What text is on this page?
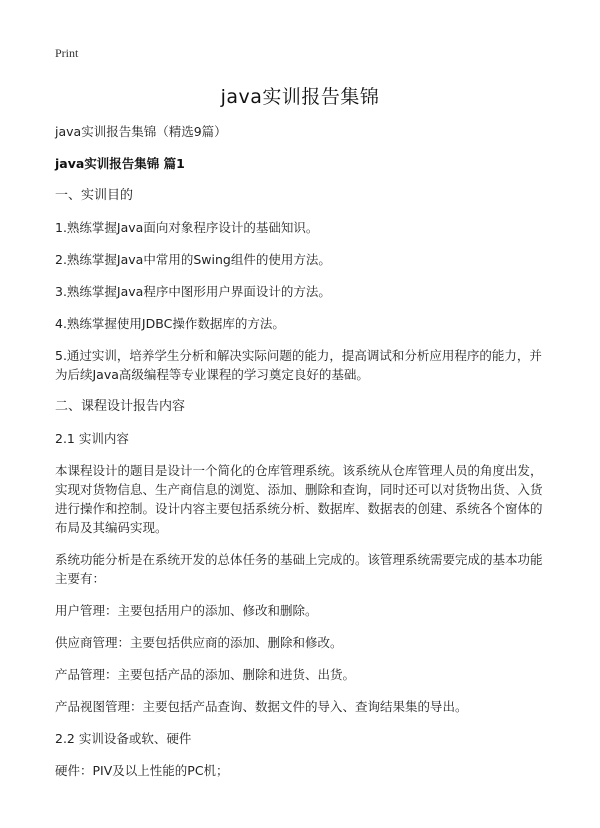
Print
java实训报告集锦

java实训报告集锦（精选9篇）

java实训报告集锦 篇1

一、实训目的

1.熟练掌握Java面向对象程序设计的基础知识。

2.熟练掌握Java中常用的Swing组件的使用方法。

3.熟练掌握Java程序中图形用户界面设计的方法。

4.熟练掌握使用JDBC操作数据库的方法。

5.通过实训，培养学生分析和解决实际问题的能力，提高调试和分析应用程序的能力，并为后续Java高级编程等专业课程的学习奠定良好的基础。

二、课程设计报告内容

2.1 实训内容

本课程设计的题目是设计一个简化的仓库管理系统。该系统从仓库管理人员的角度出发，实现对货物信息、生产商信息的浏览、添加、删除和查询，同时还可以对货物出货、入货进行操作和控制。设计内容主要包括系统分析、数据库、数据表的创建、系统各个窗体的布局及其编码实现。

系统功能分析是在系统开发的总体任务的基础上完成的。该管理系统需要完成的基本功能主要有：

用户管理：主要包括用户的添加、修改和删除。

供应商管理：主要包括供应商的添加、删除和修改。

产品管理：主要包括产品的添加、删除和进货、出货。

产品视图管理：主要包括产品查询、数据文件的导入、查询结果集的导出。

2.2 实训设备或软、硬件

硬件：PIV及以上性能的PC机；
